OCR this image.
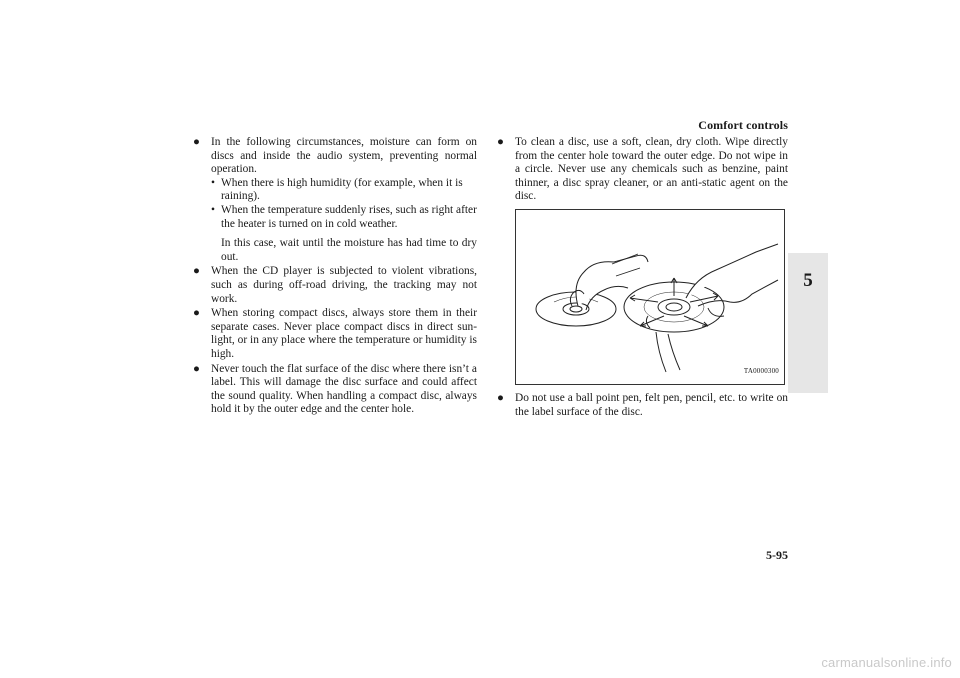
Comfort controls
5
● In the following circumstances, moisture can form on discs and inside the audio system, preventing normal operation.
• When there is high humidity (for example, when it is raining).
• When the temperature suddenly rises, such as right after the heater is turned on in cold weather.
In this case, wait until the moisture has had time to dry out.
● When the CD player is subjected to violent vibrations, such as during off-road driving, the tracking may not work.
● When storing compact discs, always store them in their separate cases. Never place compact discs in direct sun-light, or in any place where the temperature or humidity is high.
● Never touch the flat surface of the disc where there isn’t a label. This will damage the disc surface and could affect the sound quality. When handling a compact disc, always hold it by the outer edge and the center hole.
● To clean a disc, use a soft, clean, dry cloth. Wipe directly from the center hole toward the outer edge. Do not wipe in a circle. Never use any chemicals such as benzine, paint thinner, a disc spray cleaner, or an anti-static agent on the disc.
TA0000300
● Do not use a ball point pen, felt pen, pencil, etc. to write on the label surface of the disc.
5-95
carmanualsonline.info
